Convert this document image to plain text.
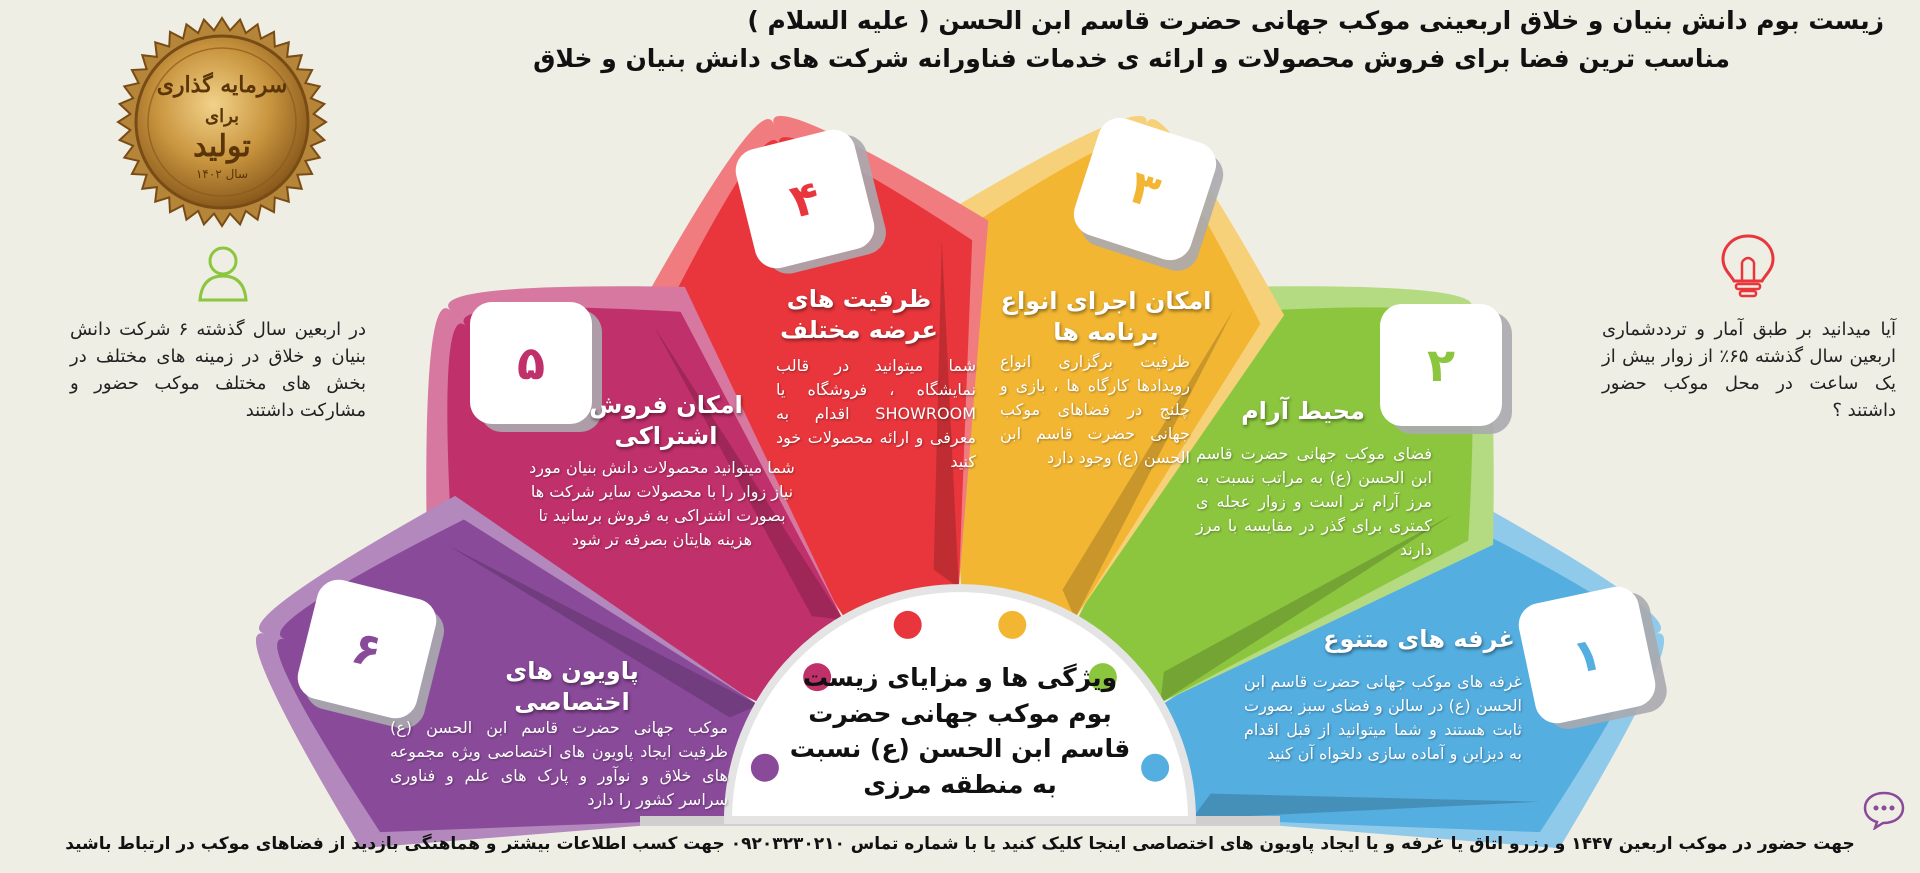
زیست بوم دانش بنیان و خلاق اربعینی موکب جهانی حضرت قاسم ابن الحسن ( علیه السلام )
مناسب ترین فضا برای فروش محصولات و ارائه ی خدمات فناورانه شرکت های دانش بنیان و خلاق
سرمایه گذاری
برای
تولید
سال ۱۴۰۲
در اربعین سال گذشته ۶ شرکت دانش بنیان و خلاق در زمینه های مختلف در بخش های مختلف موکب حضور و مشارکت داشتند
آیا میدانید بر طبق آمار و ترددشماری اربعین سال گذشته ۶۵٪ از زوار بیش از یک ساعت در محل موکب حضور داشتند ؟
ویژگی ها و مزایای زیست بوم موکب جهانی حضرت قاسم ابن الحسن (ع) نسبت به منطقه مرزی
۱
غرفه های متنوع
غرفه های موکب جهانی حضرت قاسم ابن الحسن (ع) در سالن و فضای سبز بصورت ثابت هستند و شما میتوانید از قبل اقدام به دیزاین و آماده سازی دلخواه آن کنید
۲
محیط آرام
فضای موکب جهانی حضرت قاسم ابن الحسن (ع) به مراتب نسبت به مرز آرام تر است و زوار عجله ی کمتری برای گذر در مقایسه با مرز دارند
۳
امکان اجرای انواع برنامه ها
ظرفیت برگزاری انواع رویدادها کارگاه ها ، بازی و چلنج در فضاهای موکب جهانی حضرت قاسم ابن الحسن (ع) وجود دارد
۴
ظرفیت های عرضه مختلف
شما میتوانید در قالب نمایشگاه ، فروشگاه یا SHOWROOM اقدام به معرفی و ارائه محصولات خود کنید
۵
امکان فروش اشتراکی
شما میتوانید محصولات دانش بنیان مورد نیاز زوار را با محصولات سایر شرکت ها بصورت اشتراکی به فروش برسانید تا هزینه هایتان بصرفه تر شود
۶	پاویون های اختصاصی
موکب جهانی حضرت قاسم ابن الحسن (ع) ظرفیت ایجاد پاویون های اختصاصی ویژه مجموعه های خلاق و نوآور و پارک های علم و فناوری سراسر کشور را دارد
جهت حضور در موکب اربعین ۱۴۴۷ و رزرو اتاق یا غرفه و یا ایجاد پاویون های اختصاصی اینجا کلیک کنید یا با شماره تماس ۰۹۲۰۳۲۳۰۲۱۰ جهت کسب اطلاعات بیشتر و هماهنگی بازدید از فضاهای موکب در ارتباط باشید
